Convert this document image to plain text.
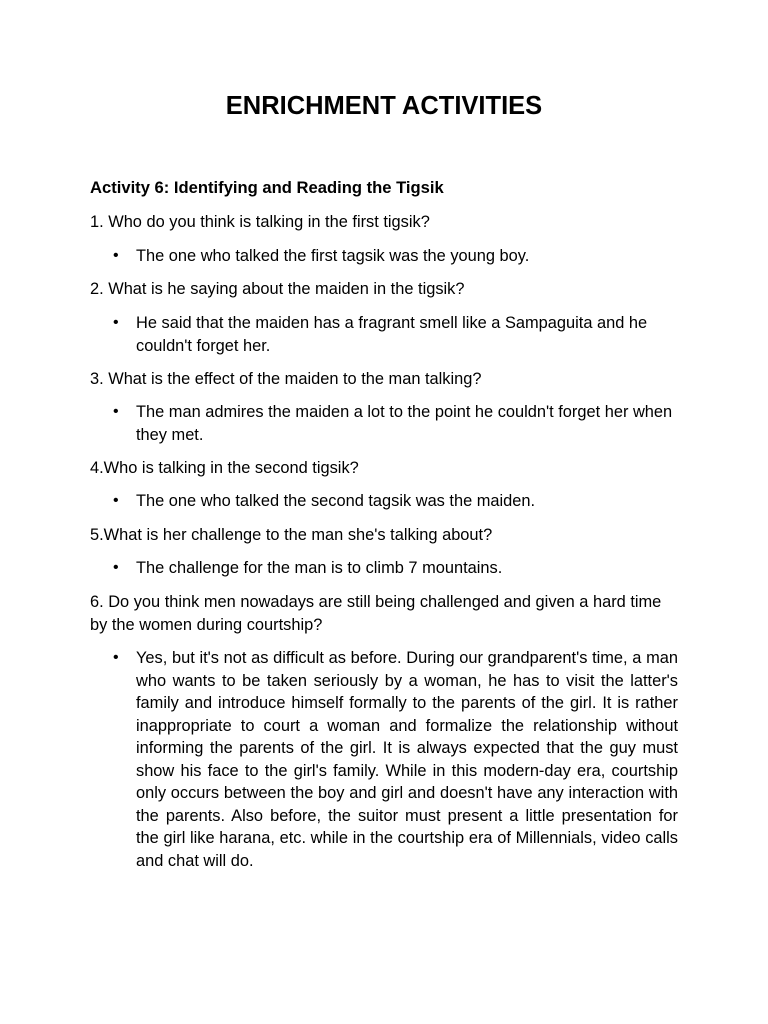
ENRICHMENT ACTIVITIES
Activity 6: Identifying and Reading the Tigsik
1. Who do you think is talking in the first tigsik?
•	The one who talked the first tagsik was the young boy.
2. What is he saying about the maiden in the tigsik?
•	He said that the maiden has a fragrant smell like a Sampaguita and he couldn't forget her.
3. What is the effect of the maiden to the man talking?
•	The man admires the maiden a lot to the point he couldn't forget her when they met.
4.Who is talking in the second tigsik?
•	The one who talked the second tagsik was the maiden.
5.What is her challenge to the man she's talking about?
•	The challenge for the man is to climb 7 mountains.
6. Do you think men nowadays are still being challenged and given a hard time by the women during courtship?
•	Yes, but it's not as difficult as before. During our grandparent's time, a man who wants to be taken seriously by a woman, he has to visit the latter's family and introduce himself formally to the parents of the girl. It is rather inappropriate to court a woman and formalize the relationship without informing the parents of the girl. It is always expected that the guy must show his face to the girl's family. While in this modern-day era, courtship only occurs between the boy and girl and doesn't have any interaction with the parents. Also before, the suitor must present a little presentation for the girl like harana, etc. while in the courtship era of Millennials, video calls and chat will do.
